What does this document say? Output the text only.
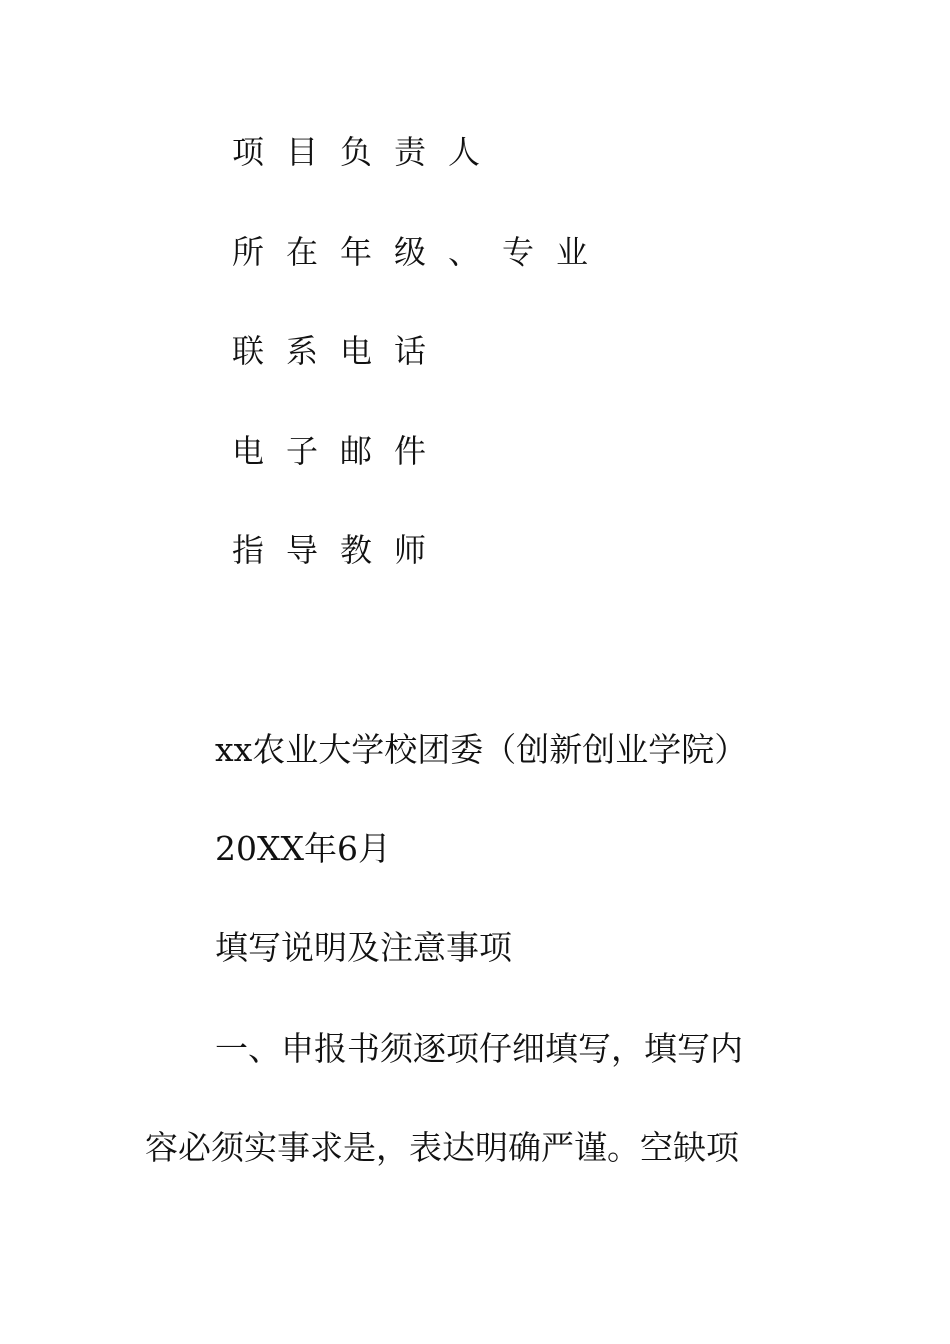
项目负责人
所在年级、专业
联系电话
电子邮件
指导教师
xx农业大学校团委（创新创业学院）
20XX年6月
填写说明及注意事项
一、申报书须逐项仔细填写，填写内
容必须实事求是，表达明确严谨。空缺项
